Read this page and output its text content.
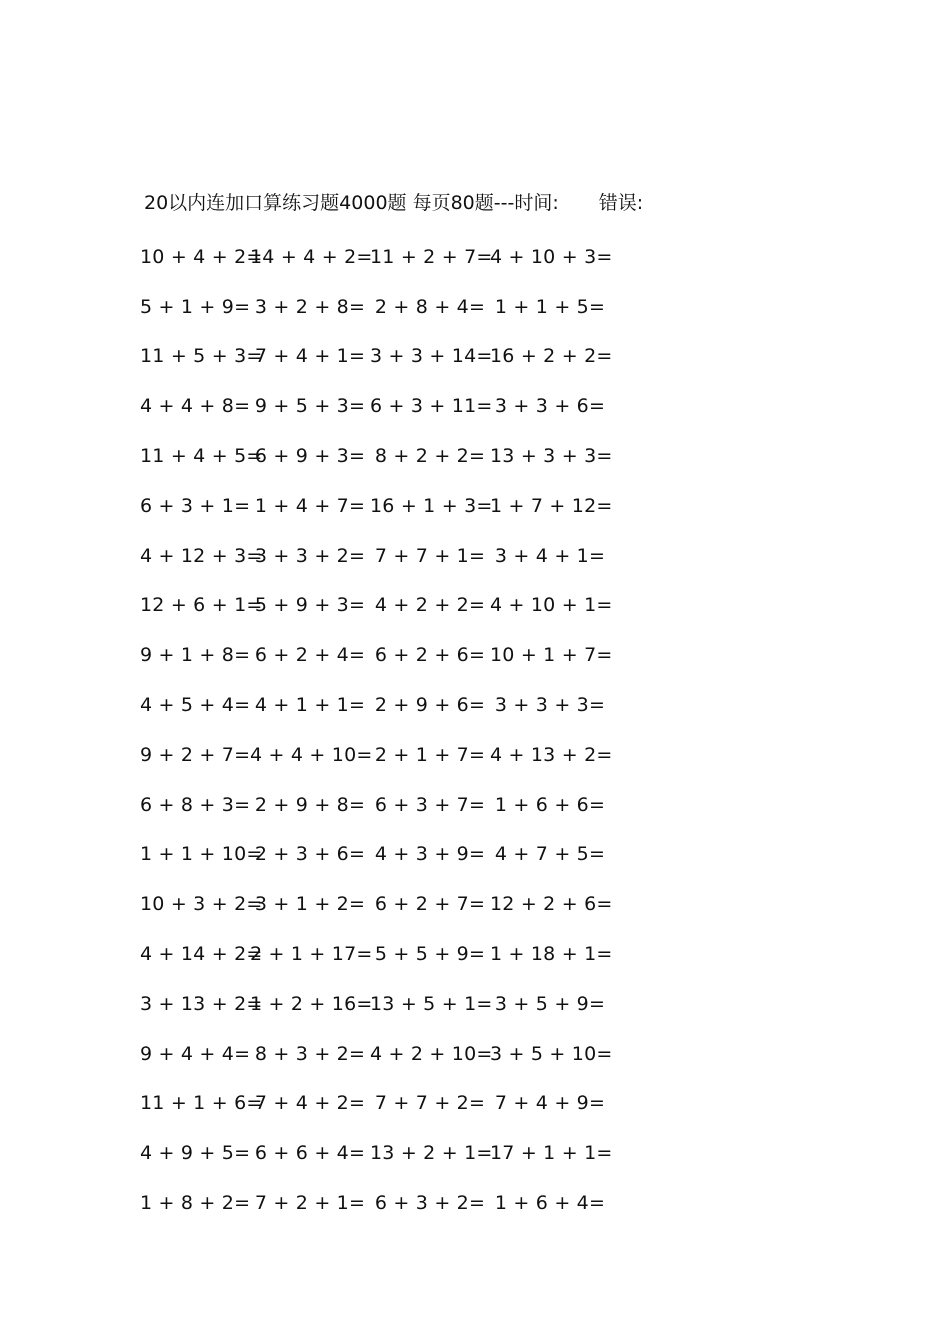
20以内连加口算练习题4000题 每页80题---时间: 错误:
10 + 4 + 2=
14 + 4 + 2=
11 + 2 + 7=
4 + 10 + 3=
5 + 1 + 9= 3 + 2 + 8= 2 + 8 + 4= 1 + 1 + 5=
11 + 5 + 3=
7 + 4 + 1= 3 + 3 + 14=
16 + 2 + 2=
4 + 4 + 8= 9 + 5 + 3= 6 + 3 + 11= 3 + 3 + 6=
11 + 4 + 5=
6 + 9 + 3= 8 + 2 + 2= 13 + 3 + 3=
6 + 3 + 1= 1 + 4 + 7= 16 + 1 + 3=
1 + 7 + 12=
4 + 12 + 3=
3 + 3 + 2= 7 + 7 + 1= 3 + 4 + 1=
12 + 6 + 1=
5 + 9 + 3= 4 + 2 + 2= 4 + 10 + 1=
9 + 1 + 8= 6 + 2 + 4= 6 + 2 + 6= 10 + 1 + 7=
4 + 5 + 4= 4 + 1 + 1= 2 + 9 + 6= 3 + 3 + 3=
9 + 2 + 7= 4 + 4 + 10= 2 + 1 + 7= 4 + 13 + 2=
6 + 8 + 3= 2 + 9 + 8= 6 + 3 + 7= 1 + 6 + 6=
1 + 1 + 10=
2 + 3 + 6= 4 + 3 + 9= 4 + 7 + 5=
10 + 3 + 2=
3 + 1 + 2= 6 + 2 + 7= 12 + 2 + 6=
4 + 14 + 2=
2 + 1 + 17= 5 + 5 + 9= 1 + 18 + 1=
3 + 13 + 2=
1 + 2 + 16=
13 + 5 + 1= 3 + 5 + 9=
9 + 4 + 4= 8 + 3 + 2= 4 + 2 + 10=
3 + 5 + 10=
11 + 1 + 6=
7 + 4 + 2= 7 + 7 + 2= 7 + 4 + 9=
4 + 9 + 5= 6 + 6 + 4= 13 + 2 + 1=
17 + 1 + 1=
1 + 8 + 2= 7 + 2 + 1= 6 + 3 + 2= 1 + 6 + 4=
